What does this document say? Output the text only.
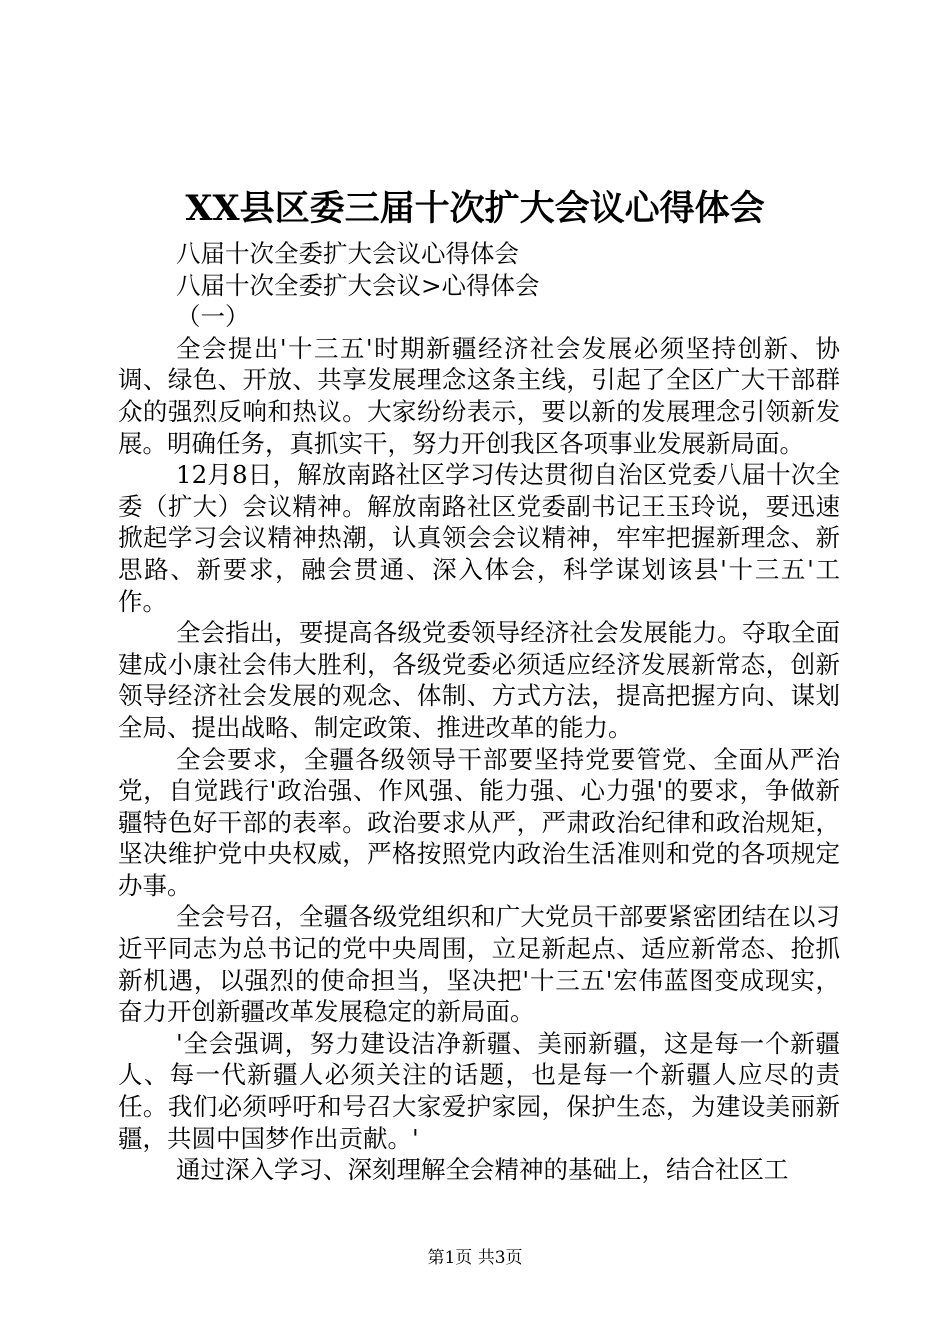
XX县区委三届十次扩大会议心得体会

八届十次全委扩大会议心得体会

八届十次全委扩大会议>心得体会

（一）

全会提出'十三五'时期新疆经济社会发展必须坚持创新、协调、绿色、开放、共享发展理念这条主线，引起了全区广大干部群众的强烈反响和热议。大家纷纷表示，要以新的发展理念引领新发展。明确任务，真抓实干，努力开创我区各项事业发展新局面。

12月8日，解放南路社区学习传达贯彻自治区党委八届十次全委（扩大）会议精神。解放南路社区党委副书记王玉玲说，要迅速掀起学习会议精神热潮，认真领会会议精神，牢牢把握新理念、新思路、新要求，融会贯通、深入体会，科学谋划该县'十三五'工作。

全会指出，要提高各级党委领导经济社会发展能力。夺取全面建成小康社会伟大胜利，各级党委必须适应经济发展新常态，创新领导经济社会发展的观念、体制、方式方法，提高把握方向、谋划全局、提出战略、制定政策、推进改革的能力。

全会要求，全疆各级领导干部要坚持党要管党、全面从严治党，自觉践行'政治强、作风强、能力强、心力强'的要求，争做新疆特色好干部的表率。政治要求从严，严肃政治纪律和政治规矩，坚决维护党中央权威，严格按照党内政治生活准则和党的各项规定办事。

全会号召，全疆各级党组织和广大党员干部要紧密团结在以习近平同志为总书记的党中央周围，立足新起点、适应新常态、抢抓新机遇，以强烈的使命担当，坚决把'十三五'宏伟蓝图变成现实，奋力开创新疆改革发展稳定的新局面。

'全会强调，努力建设洁净新疆、美丽新疆，这是每一个新疆人、每一代新疆人必须关注的话题，也是每一个新疆人应尽的责任。我们必须呼吁和号召大家爱护家园，保护生态，为建设美丽新疆，共圆中国梦作出贡献。'

通过深入学习、深刻理解全会精神的基础上，结合社区工

第1页 共3页
